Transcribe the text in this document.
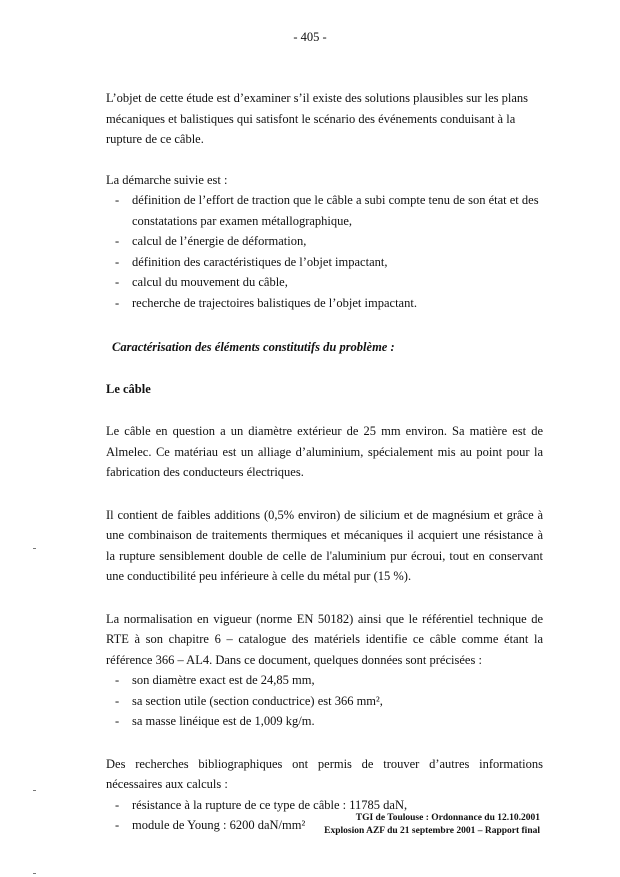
- 405 -

L’objet de cette étude est d’examiner s’il existe des solutions plausibles sur les plans mécaniques et balistiques qui satisfont le scénario des événements conduisant à la rupture de ce câble.

La démarche suivie est :

- définition de l’effort de traction que le câble a subi compte tenu de son état et des constatations par examen métallographique,
- calcul de l’énergie de déformation,
- définition des caractéristiques de l’objet impactant,
- calcul du mouvement du câble,
- recherche de trajectoires balistiques de l’objet impactant.

Caractérisation des éléments constitutifs du problème :

Le câble

Le câble en question a un diamètre extérieur de 25 mm environ. Sa matière est de Almelec. Ce matériau est un alliage d’aluminium, spécialement mis au point pour la fabrication des conducteurs électriques.

Il contient de faibles additions (0,5% environ) de silicium et de magnésium et grâce à une combinaison de traitements thermiques et mécaniques il acquiert une résistance à la rupture sensiblement double de celle de l'aluminium pur écroui, tout en conservant une conductibilité peu inférieure à celle du métal pur (15 %).

La normalisation en vigueur (norme EN 50182) ainsi que le référentiel technique de RTE à son chapitre 6 – catalogue des matériels identifie ce câble comme étant la référence 366 – AL4. Dans ce document, quelques données sont précisées :

- son diamètre exact est de 24,85 mm,
- sa section utile (section conductrice) est 366 mm²,
- sa masse linéique est de 1,009 kg/m.

Des recherches bibliographiques ont permis de trouver d’autres informations nécessaires aux calculs :

- résistance à la rupture de ce type de câble : 11785 daN,
- module de Young : 6200 daN/mm²	TGI de Toulouse : Ordonnance du 12.10.2001
Explosion AZF du 21 septembre 2001 – Rapport final
